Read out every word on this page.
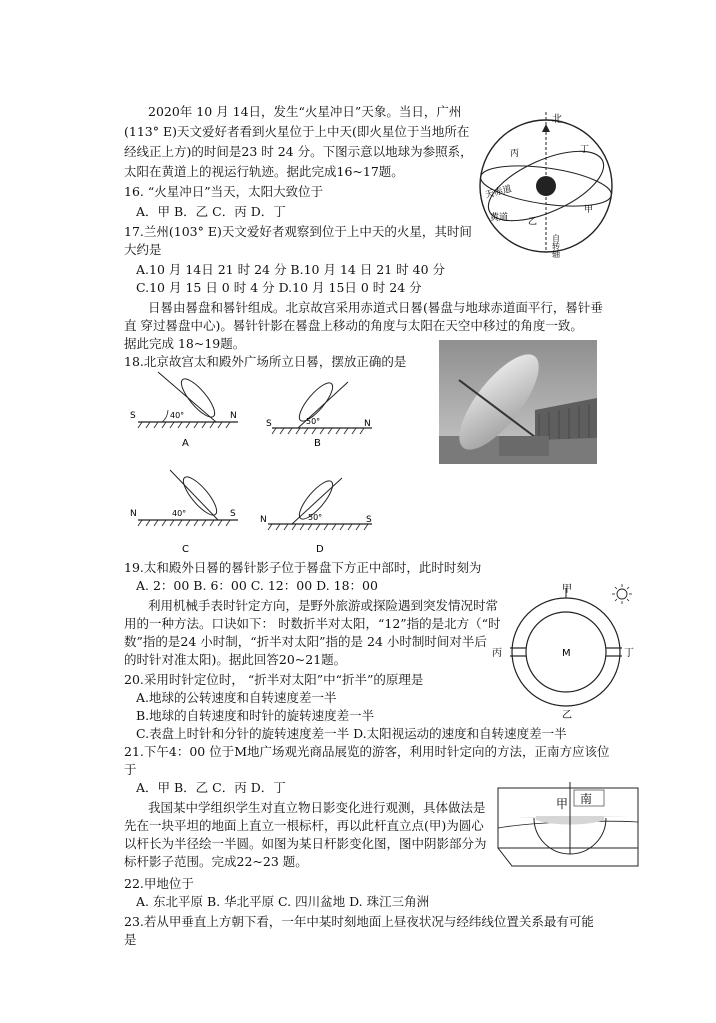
2020年 10 月 14日，发生“火星冲日”天象。当日，广州
(113° E)天文爱好者看到火星位于上中天(即火星位于当地所在
经线正上方)的时间是23 时 24 分。下图示意以地球为参照系，
太阳在黄道上的视运行轨迹。据此完成16~17题。
16. “火星冲日”当天，太阳大致位于
A．甲 B．乙 C．丙 D．丁
17.兰州(103° E)天文爱好者观察到位于上中天的火星，其时间
大约是
A.10 月 14日 21 时 24 分 B.10 月 14 日 21 时 40 分
C.10 月 15 日 0 时 4 分 D.10 月 15日 0 时 24 分
日晷由晷盘和晷针组成。北京故宫采用赤道式日晷(晷盘与地球赤道面平行，晷针垂
直 穿过晷盘中心)。晷针针影在晷盘上移动的角度与太阳在天空中移过的角度一致。
据此完成 18~19题。
18.北京故宫太和殿外广场所立日晷，摆放正确的是
19.太和殿外日晷的晷针影子位于晷盘下方正中部时，此时时刻为
A. 2：00 B. 6：00 C. 12：00 D. 18：00
利用机械手表时针定方向，是野外旅游或探险遇到突发情况时常
用的一种方法。口诀如下： 时数折半对太阳，“12”指的是北方（“时
数”指的是24 小时制，“折半对太阳”指的是 24 小时制时间对半后
的时针对准太阳)。据此回答20~21题。
20.采用时针定位时， “折半对太阳”中“折半”的原理是
A.地球的公转速度和自转速度差一半
B.地球的自转速度和时针的旋转速度差一半
C.表盘上时针和分针的旋转速度差一半 D.太阳视运动的速度和自转速度差一半
21.下午4：00 位于M地广场观光商品展览的游客，利用时针定向的方法，正南方应该位
于
A．甲 B．乙 C．丙 D．丁
我国某中学组织学生对直立物日影变化进行观测，具体做法是
先在一块平坦的地面上直立一根标杆，再以此杆直立点(甲)为圆心
以杆长为半径绘一半圆。如图为某日杆影变化图，图中阴影部分为
标杆影子范围。完成22~23 题。
22.甲地位于
A. 东北平原 B. 华北平原 C. 四川盆地 D. 珠江三角洲
23.若从甲垂直上方朝下看，一年中某时刻地面上昼夜状况与经纬线位置关系最有可能
是
北
丙	丁
天赤道
黄道 乙
甲
自转轴
S	N
40°
A
S	N
50°
B
N	S
40°
C
N	S
50°
D
甲
丙	M	丁
乙
甲 南
